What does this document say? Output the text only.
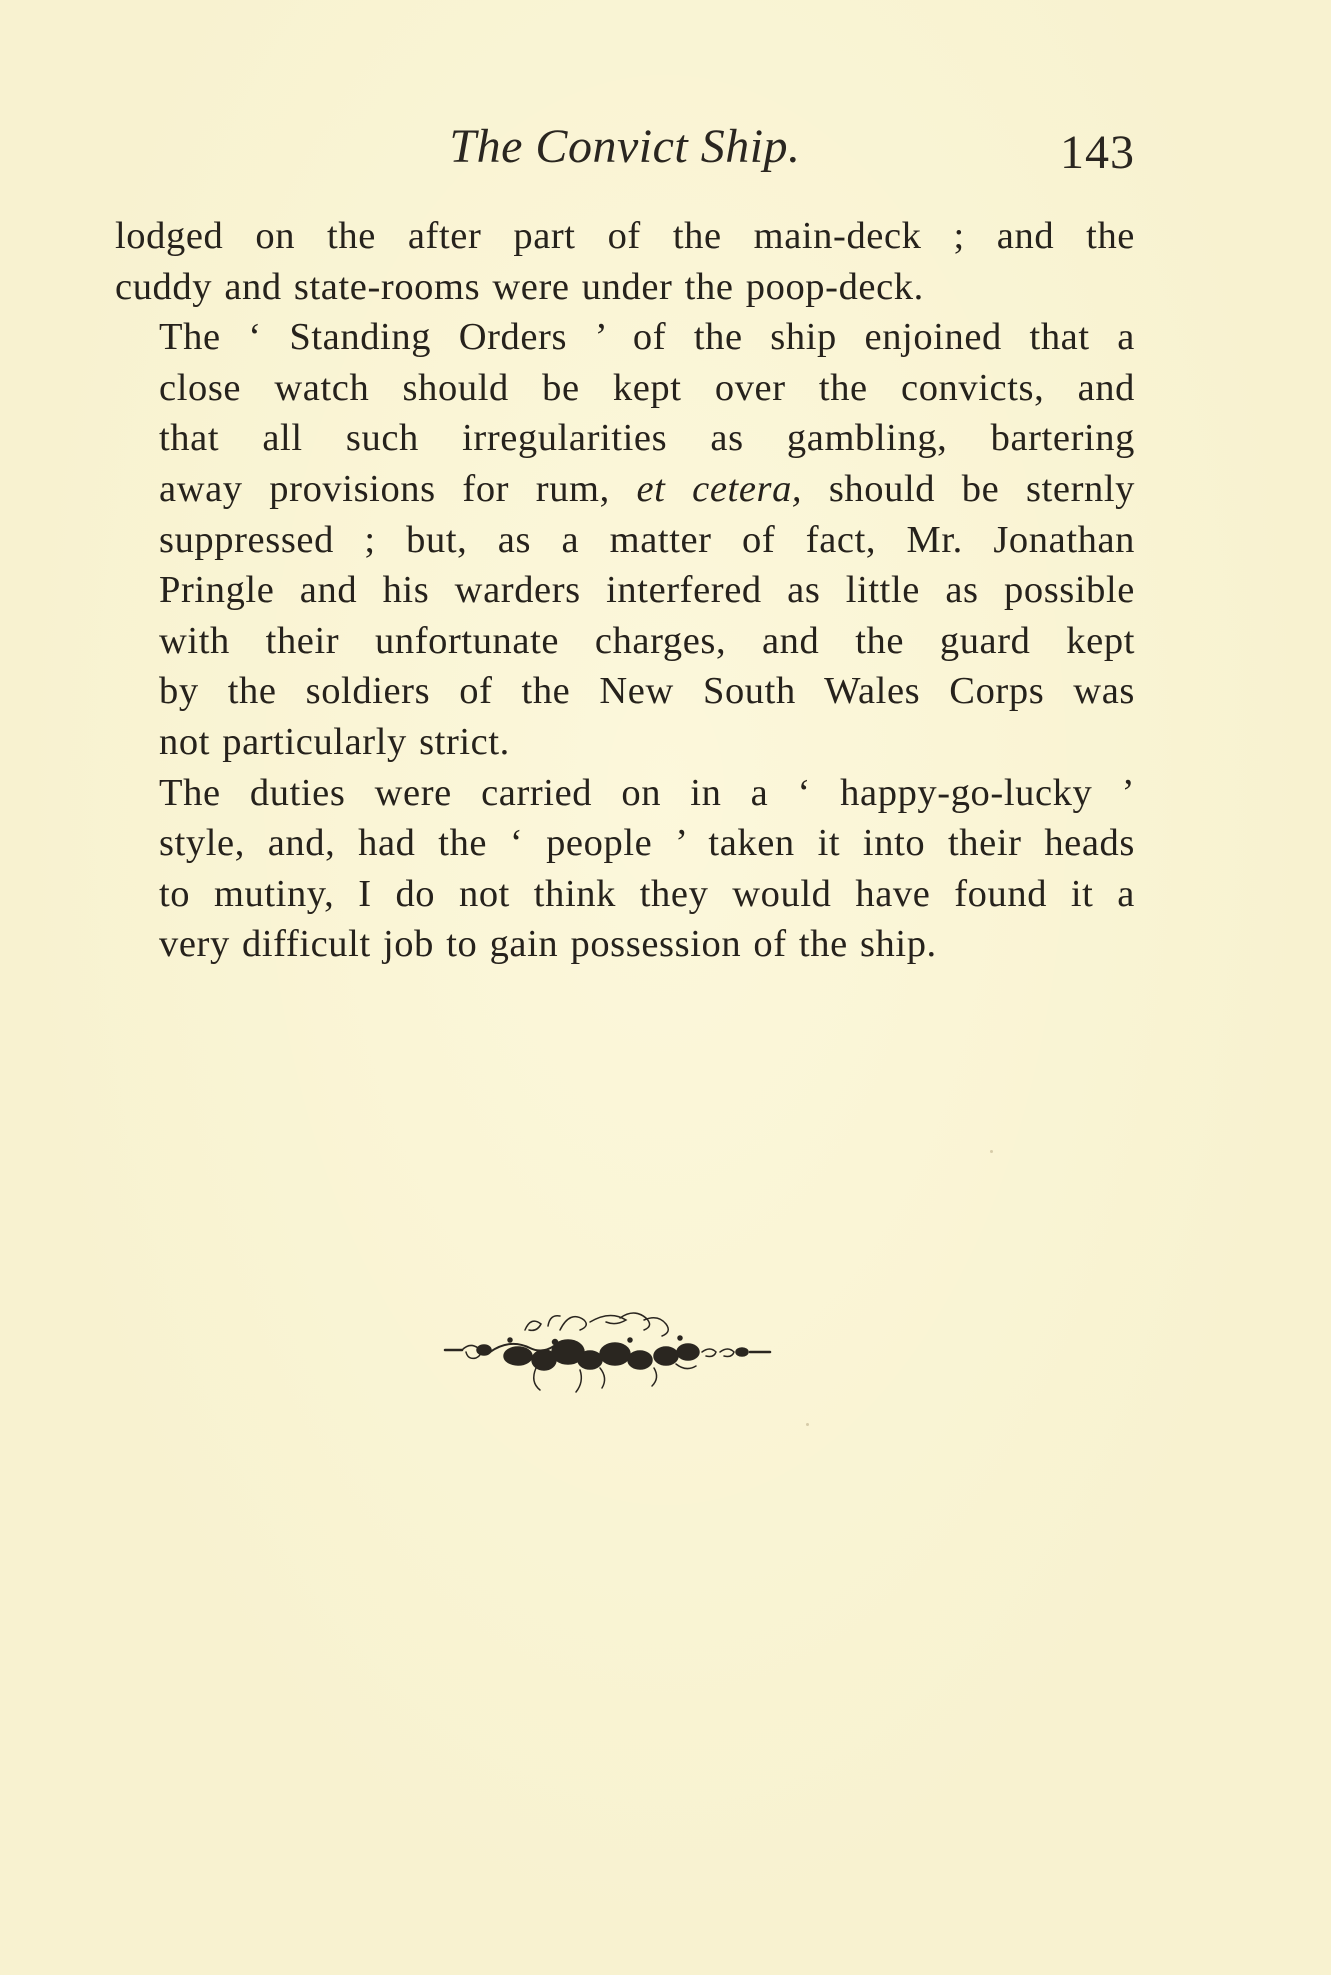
The Convict Ship.	143

lodged on the after part of the main-deck ; and the
cuddy and state-rooms were under the poop-deck.

The ‘ Standing Orders ’ of the ship enjoined that a
close watch should be kept over the convicts, and
that all such irregularities as gambling, bartering
away provisions for rum, et cetera, should be sternly
suppressed ; but, as a matter of fact, Mr. Jonathan
Pringle and his warders interfered as little as possible
with their unfortunate charges, and the guard kept
by the soldiers of the New South Wales Corps was
not particularly strict.

The duties were carried on in a ‘ happy-go-lucky ’
style, and, had the ‘ people ’ taken it into their heads
to mutiny, I do not think they would have found it a
very difficult job to gain possession of the ship.
